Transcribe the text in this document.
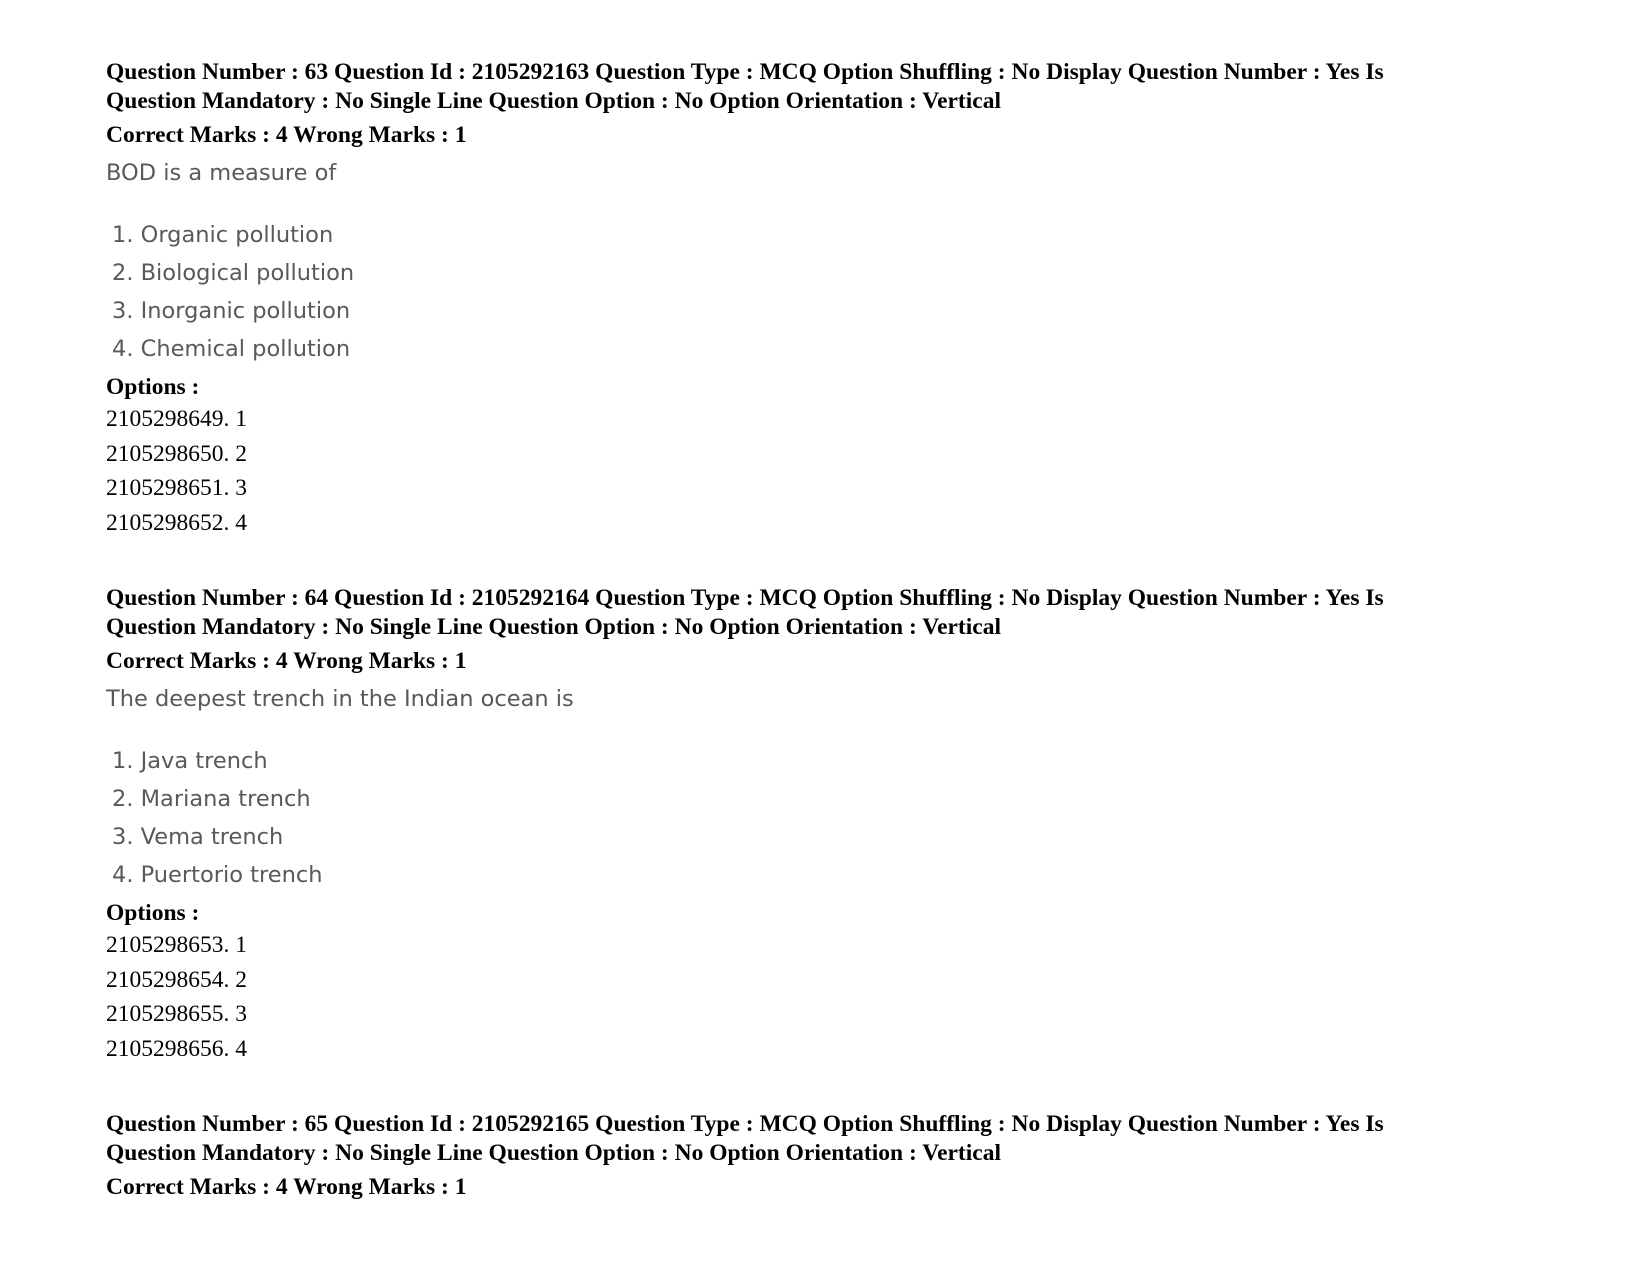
Question Number : 63 Question Id : 2105292163 Question Type : MCQ Option Shuffling : No Display Question Number : Yes Is
Question Mandatory : No Single Line Question Option : No Option Orientation : Vertical
Correct Marks : 4 Wrong Marks : 1
BOD is a measure of
1. Organic pollution
2. Biological pollution
3. Inorganic pollution
4. Chemical pollution
Options :
2105298649. 1
2105298650. 2
2105298651. 3
2105298652. 4
Question Number : 64 Question Id : 2105292164 Question Type : MCQ Option Shuffling : No Display Question Number : Yes Is
Question Mandatory : No Single Line Question Option : No Option Orientation : Vertical
Correct Marks : 4 Wrong Marks : 1
The deepest trench in the Indian ocean is
1. Java trench
2. Mariana trench
3. Vema trench
4. Puertorio trench
Options :
2105298653. 1
2105298654. 2
2105298655. 3
2105298656. 4
Question Number : 65 Question Id : 2105292165 Question Type : MCQ Option Shuffling : No Display Question Number : Yes Is
Question Mandatory : No Single Line Question Option : No Option Orientation : Vertical
Correct Marks : 4 Wrong Marks : 1
